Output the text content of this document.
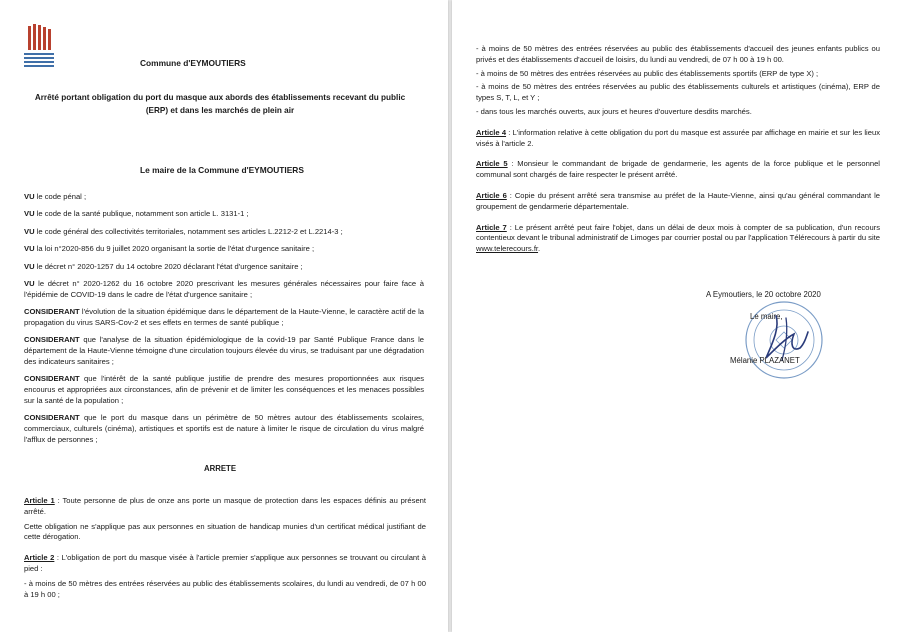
Commune d'EYMOUTIERS
Arrêté portant obligation du port du masque aux abords des établissements recevant du public (ERP) et dans les marchés de plein air
Le maire de la Commune d'EYMOUTIERS

VU le code pénal ;

VU le code de la santé publique, notamment son article L. 3131-1 ;

VU le code général des collectivités territoriales, notamment ses articles L.2212-2 et L.2214-3 ;

VU la loi n°2020-856 du 9 juillet 2020 organisant la sortie de l'état d'urgence sanitaire ;

VU le décret n° 2020-1257 du 14 octobre 2020 déclarant l'état d'urgence sanitaire ;

VU le décret n° 2020-1262 du 16 octobre 2020 prescrivant les mesures générales nécessaires pour faire face à l'épidémie de COVID-19 dans le cadre de l'état d'urgence sanitaire ;

CONSIDERANT l'évolution de la situation épidémique dans le département de la Haute-Vienne, le caractère actif de la propagation du virus SARS-Cov-2 et ses effets en termes de santé publique ;

CONSIDERANT que l'analyse de la situation épidémiologique de la covid-19 par Santé Publique France dans le département de la Haute-Vienne témoigne d'une circulation toujours élevée du virus, se traduisant par une dégradation des indicateurs sanitaires ;

CONSIDERANT que l'intérêt de la santé publique justifie de prendre des mesures proportionnées aux risques encourus et appropriées aux circonstances, afin de prévenir et de limiter les conséquences et les menaces possibles sur la santé de la population ;

CONSIDERANT que le port du masque dans un périmètre de 50 mètres autour des établissements scolaires, commerciaux, culturels (cinéma), artistiques et sportifs est de nature à limiter le risque de circulation du virus malgré l'afflux de personnes ;

ARRETE

Article 1 : Toute personne de plus de onze ans porte un masque de protection dans les espaces définis au présent arrêté.

Cette obligation ne s'applique pas aux personnes en situation de handicap munies d'un certificat médical justifiant de cette dérogation.

Article 2 : L'obligation de port du masque visée à l'article premier s'applique aux personnes se trouvant ou circulant à pied :

- à moins de 50 mètres des entrées réservées au public des établissements scolaires, du lundi au vendredi, de 07 h 00 à 19 h 00 ;

- à moins de 50 mètres des entrées réservées au public des établissements d'accueil des jeunes enfants publics ou privés et des établissements d'accueil de loisirs, du lundi au vendredi, de 07 h 00 à 19 h 00.

- à moins de 50 mètres des entrées réservées au public des établissements sportifs (ERP de type X) ;

- à moins de 50 mètres des entrées réservées au public des établissements culturels et artistiques (cinéma), ERP de types S, T, L, et Y ;

- dans tous les marchés ouverts, aux jours et heures d'ouverture desdits marchés.

Article 4 : L'information relative à cette obligation du port du masque est assurée par affichage en mairie et sur les lieux visés à l'article 2.

Article 5 : Monsieur le commandant de brigade de gendarmerie, les agents de la force publique et le personnel communal sont chargés de faire respecter le présent arrêté.

Article 6 : Copie du présent arrêté sera transmise au préfet de la Haute-Vienne, ainsi qu'au général commandant le groupement de gendarmerie départementale.

Article 7 : Le présent arrêté peut faire l'objet, dans un délai de deux mois à compter de sa publication, d'un recours contentieux devant le tribunal administratif de Limoges par courrier postal ou par l'application Télérecours à partir du site www.telerecours.fr.

A Eymoutiers, le 20 octobre 2020
Le maire,
Mélanie PLAZANET
